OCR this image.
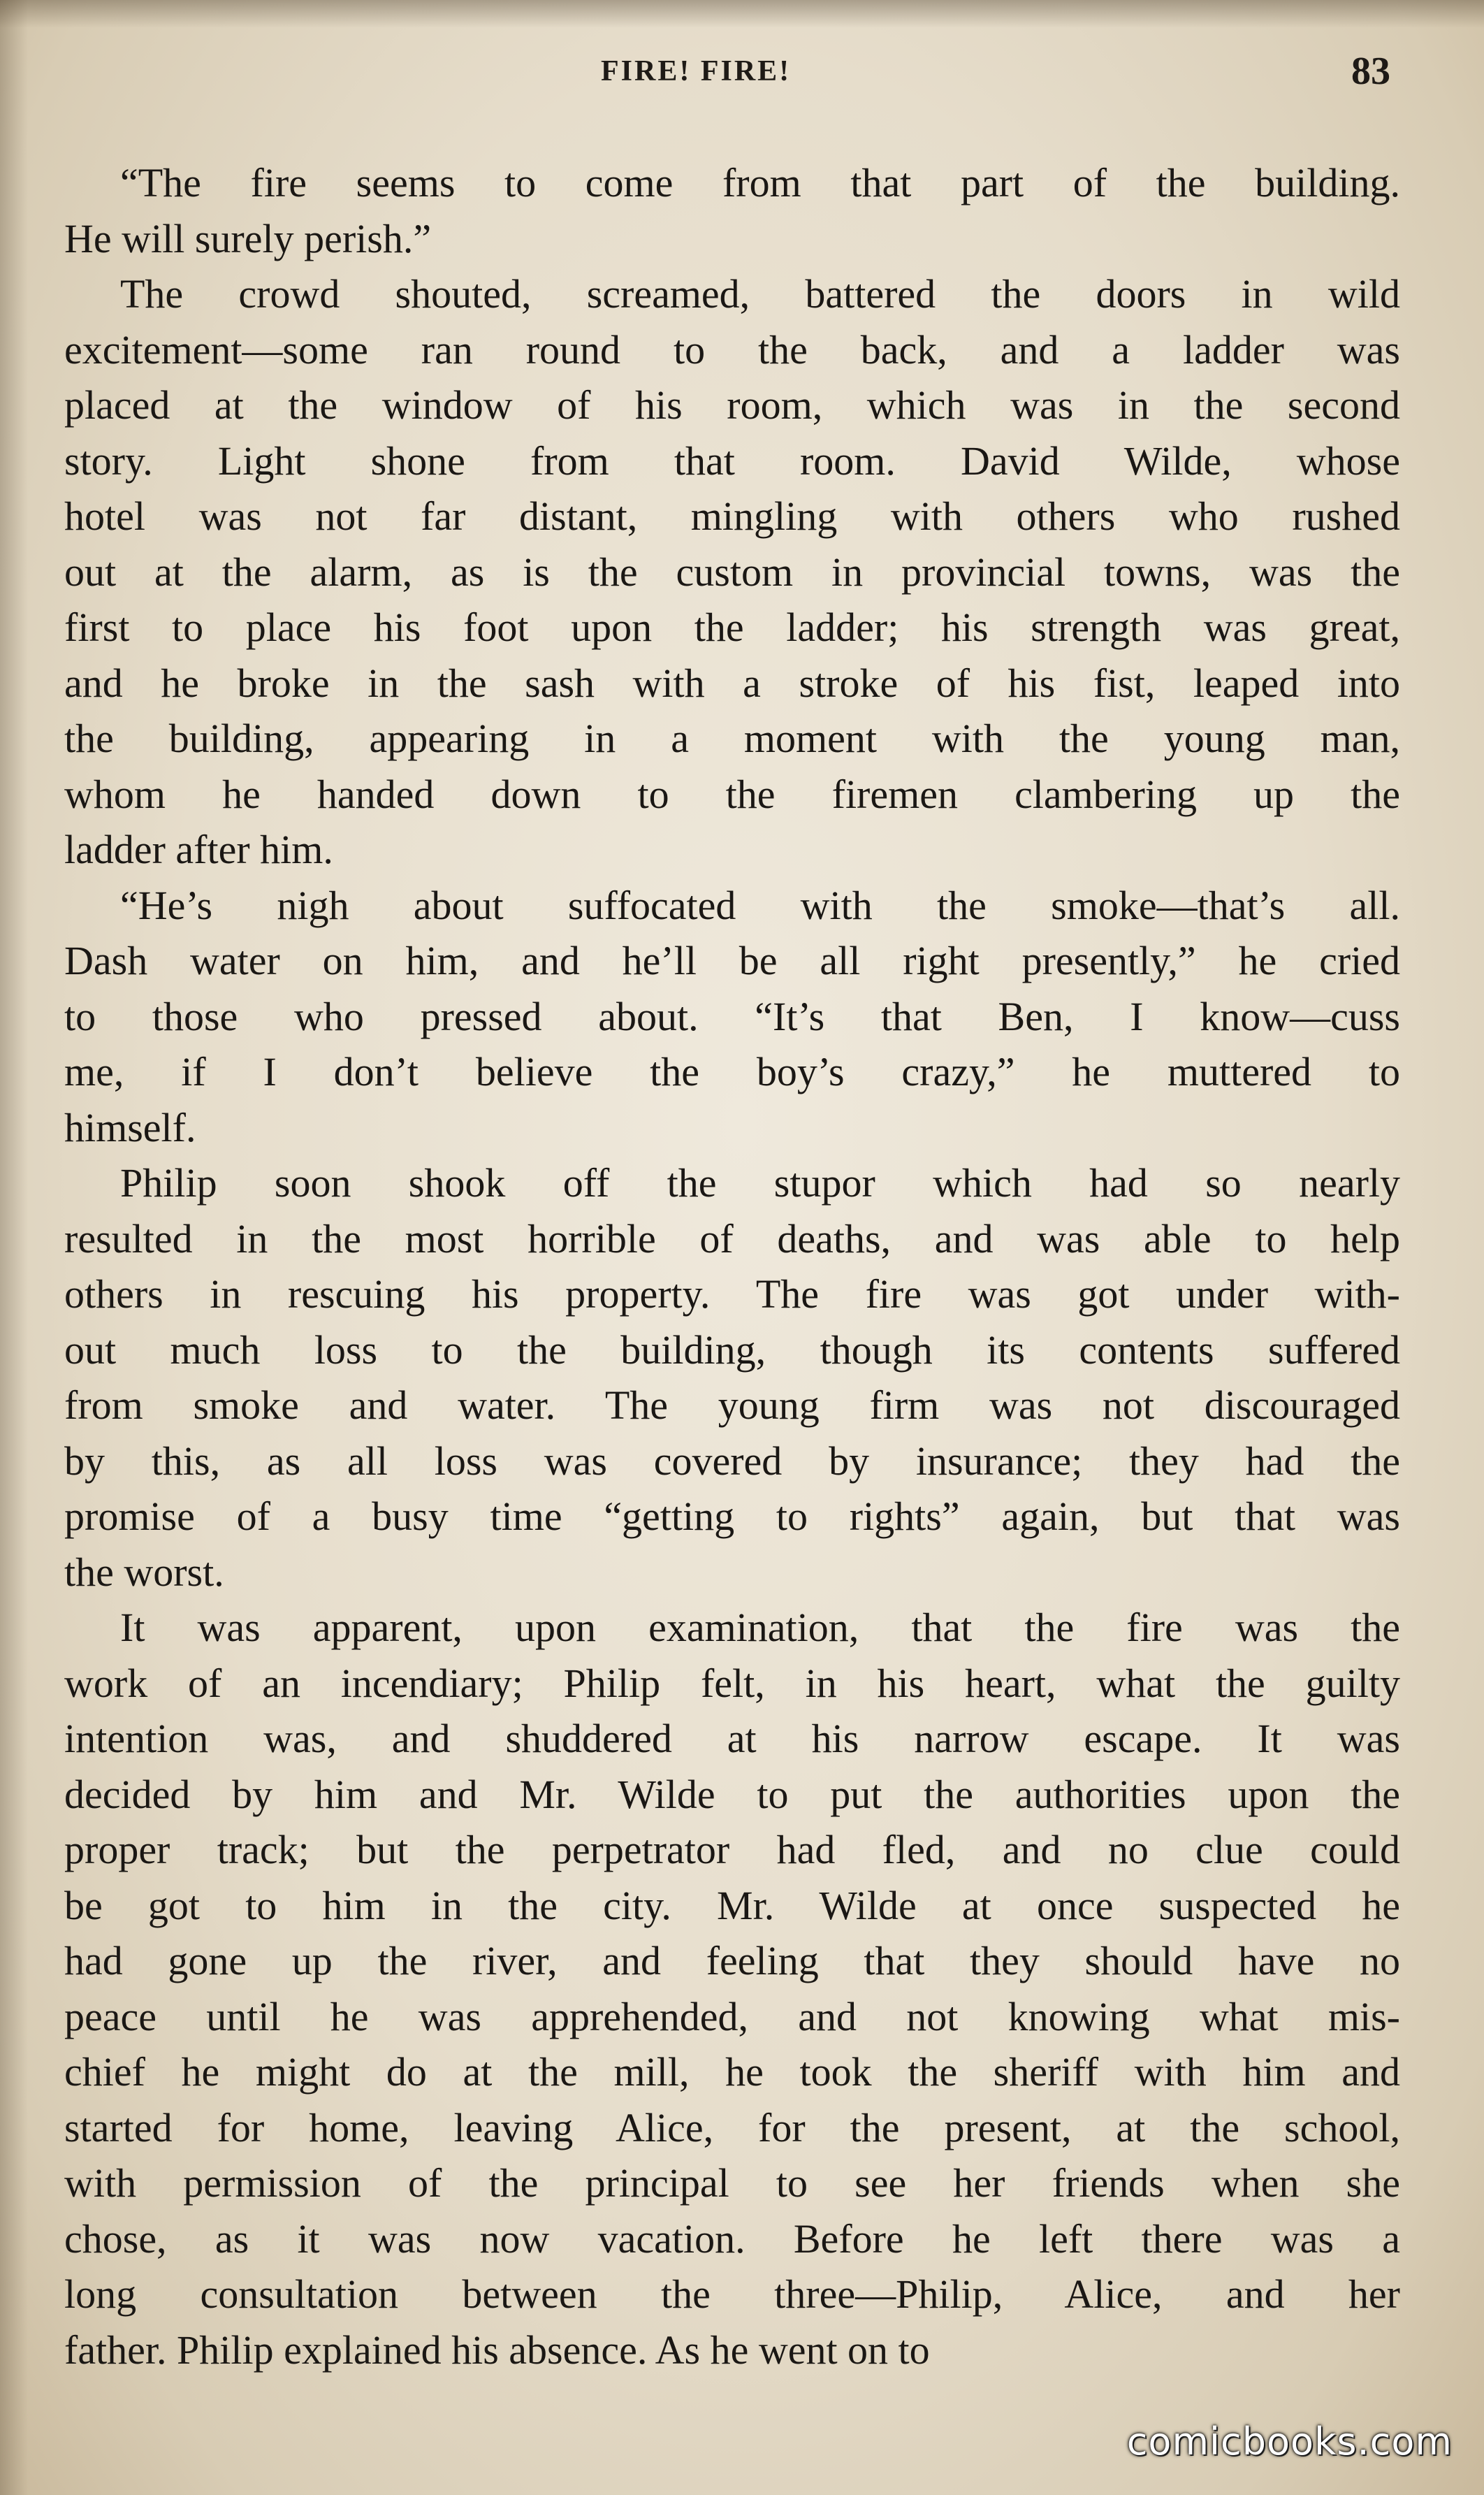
FIRE! FIRE!	83
“The fire seems to come from that part of the building.
He will surely perish.”
The crowd shouted, screamed, battered the doors in wild
excitement—some ran round to the back, and a ladder was
placed at the window of his room, which was in the second
story. Light shone from that room. David Wilde, whose
hotel was not far distant, mingling with others who rushed
out at the alarm, as is the custom in provincial towns, was the
first to place his foot upon the ladder; his strength was great,
and he broke in the sash with a stroke of his fist, leaped into
the building, appearing in a moment with the young man,
whom he handed down to the firemen clambering up the
ladder after him.
“He’s nigh about suffocated with the smoke—that’s all.
Dash water on him, and he’ll be all right presently,” he cried
to those who pressed about. “It’s that Ben, I know—cuss
me, if I don’t believe the boy’s crazy,” he muttered to
himself.
Philip soon shook off the stupor which had so nearly
resulted in the most horrible of deaths, and was able to help
others in rescuing his property. The fire was got under with-
out much loss to the building, though its contents suffered
from smoke and water. The young firm was not discouraged
by this, as all loss was covered by insurance; they had the
promise of a busy time “getting to rights” again, but that was
the worst.
It was apparent, upon examination, that the fire was the
work of an incendiary; Philip felt, in his heart, what the guilty
intention was, and shuddered at his narrow escape. It was
decided by him and Mr. Wilde to put the authorities upon the
proper track; but the perpetrator had fled, and no clue could
be got to him in the city. Mr. Wilde at once suspected he
had gone up the river, and feeling that they should have no
peace until he was apprehended, and not knowing what mis-
chief he might do at the mill, he took the sheriff with him and
started for home, leaving Alice, for the present, at the school,
with permission of the principal to see her friends when she
chose, as it was now vacation. Before he left there was a
long consultation between the three—Philip, Alice, and her
father. Philip explained his absence. As he went on to
comicbooks.com
